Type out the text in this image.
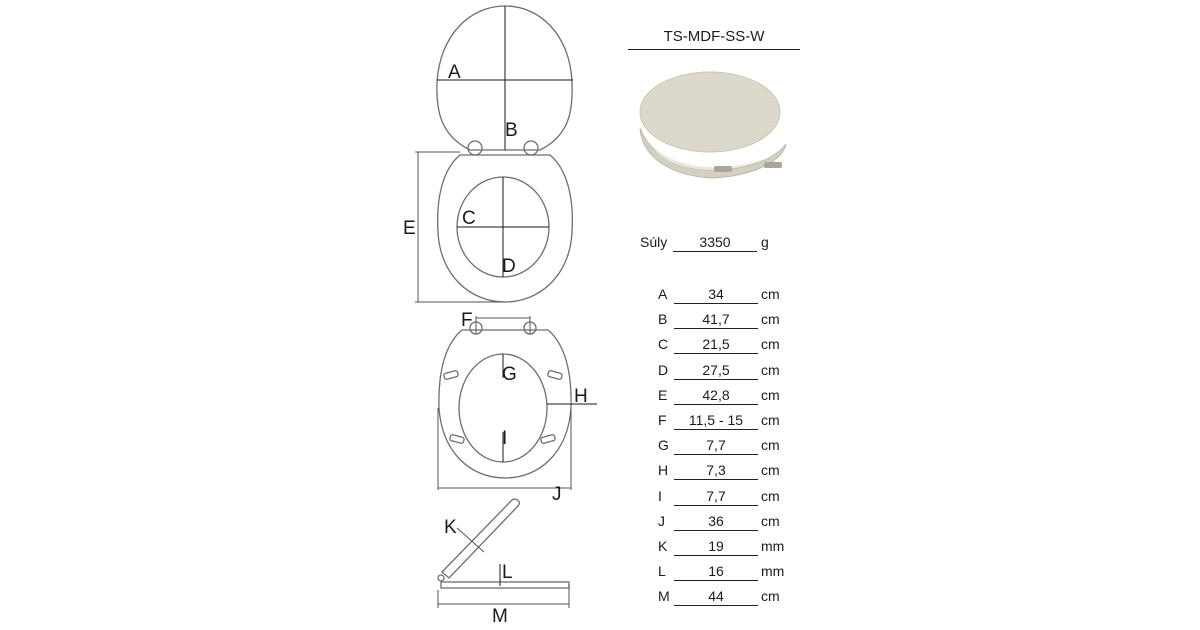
A
B
C
D
E
F
G
H
I
J
K
L
M
TS-MDF-SS-W
Súly	3350	g
A	34	cm
B	41,7	cm
C	21,5	cm
D	27,5	cm
E	42,8	cm
F	11,5 - 15	cm
G	7,7	cm
H	7,3	cm
I	7,7	cm
J	36	cm
K	19	mm
L	16	mm
M	44	cm
